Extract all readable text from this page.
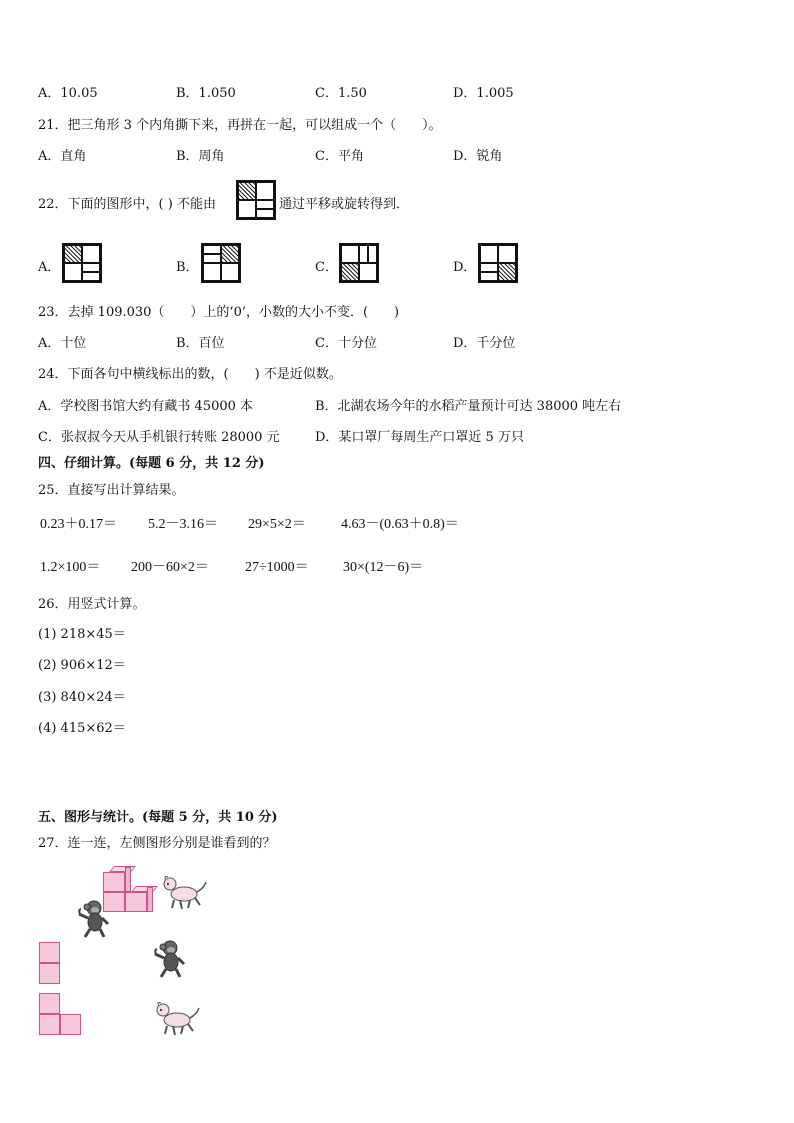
A．10.05	B．1.050	C．1.50	D．1.005
21．把三角形 3 个内角撕下来，再拼在一起，可以组成一个（　　）。
A．直角	B．周角	C．平角	D．锐角
22．下面的图形中，( ) 不能由	通过平移或旋转得到．
A．	B．	C．	D．
23．去掉 109.030（　　）上的‘0’，小数的大小不变．(　　)
A．十位	B．百位	C．十分位	D．千分位
24．下面各句中横线标出的数，(　　) 不是近似数。
A．学校图书馆大约有藏书 45000 本	B．北湖农场今年的水稻产量预计可达 38000 吨左右
C．张叔叔今天从手机银行转账 28000 元	D．某口罩厂每周生产口罩近 5 万只
四、仔细计算。(每题 6 分，共 12 分)
25．直接写出计算结果。
0.23＋0.17＝ 5.2－3.16＝ 29×5×2＝	4.63－(0.63＋0.8)＝
1.2×100＝ 200－60×2＝	27÷1000＝ 30×(12－6)＝
26．用竖式计算。
(1) 218×45＝
(2) 906×12＝
(3) 840×24＝
(4) 415×62＝
五、图形与统计。(每题 5 分，共 10 分)
27．连一连，左侧图形分别是谁看到的？
